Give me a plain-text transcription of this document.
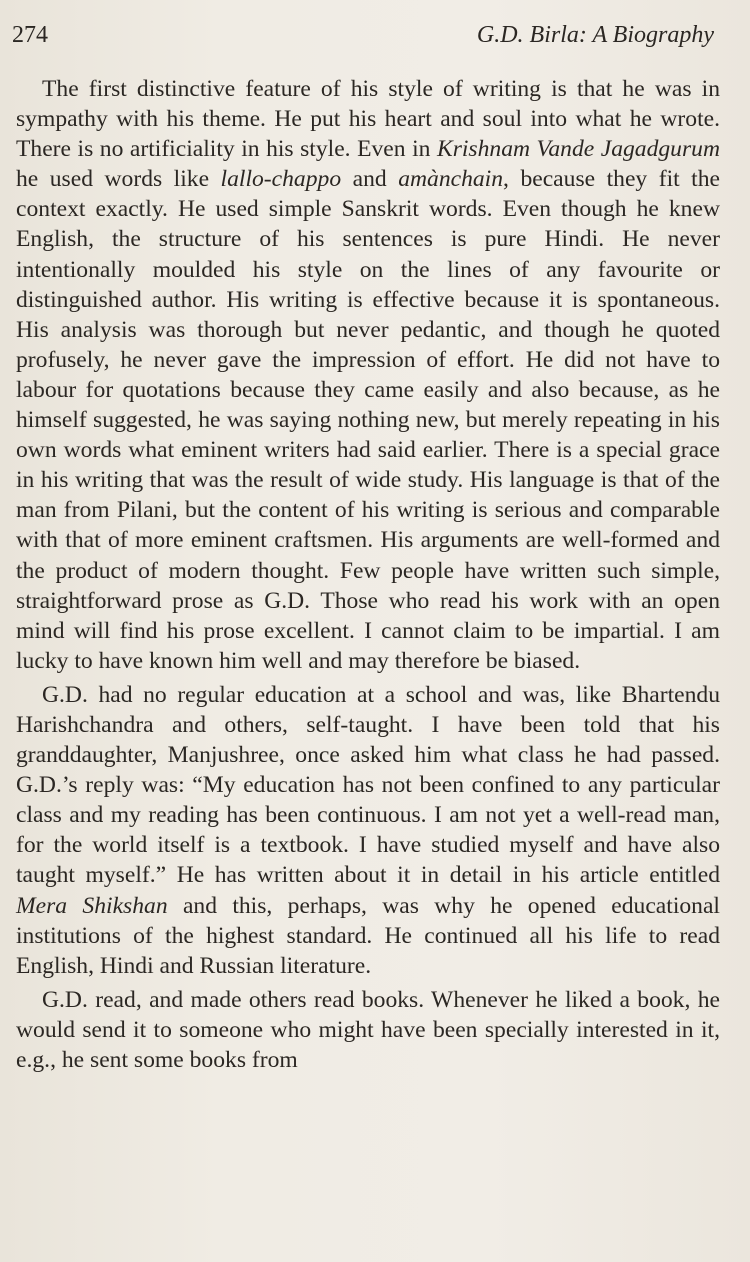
274	G.D. Birla: A Biography

The first distinctive feature of his style of writing is that he was in sympathy with his theme. He put his heart and soul into what he wrote. There is no artificiality in his style. Even in Krishnam Vande Jagadgurum he used words like lallo-chappo and amànchain, because they fit the context exactly. He used simple Sanskrit words. Even though he knew English, the structure of his sentences is pure Hindi. He never intentionally moulded his style on the lines of any favourite or distinguished author. His writing is effective because it is spontaneous. His analysis was thorough but never pedantic, and though he quoted profusely, he never gave the impression of effort. He did not have to labour for quotations because they came easily and also because, as he himself suggested, he was saying nothing new, but merely repeating in his own words what eminent writers had said earlier. There is a special grace in his writing that was the result of wide study. His language is that of the man from Pilani, but the content of his writing is serious and comparable with that of more eminent craftsmen. His arguments are well-formed and the product of modern thought. Few people have written such simple, straightforward prose as G.D. Those who read his work with an open mind will find his prose excellent. I cannot claim to be impartial. I am lucky to have known him well and may therefore be biased.

G.D. had no regular education at a school and was, like Bhartendu Harishchandra and others, self-taught. I have been told that his granddaughter, Manjushree, once asked him what class he had passed. G.D.’s reply was: “My education has not been confined to any particular class and my reading has been continuous. I am not yet a well-read man, for the world itself is a textbook. I have studied myself and have also taught myself.” He has written about it in detail in his article entitled Mera Shikshan and this, perhaps, was why he opened educational institutions of the highest standard. He continued all his life to read English, Hindi and Russian literature.

G.D. read, and made others read books. Whenever he liked a book, he would send it to someone who might have been specially interested in it, e.g., he sent some books from
